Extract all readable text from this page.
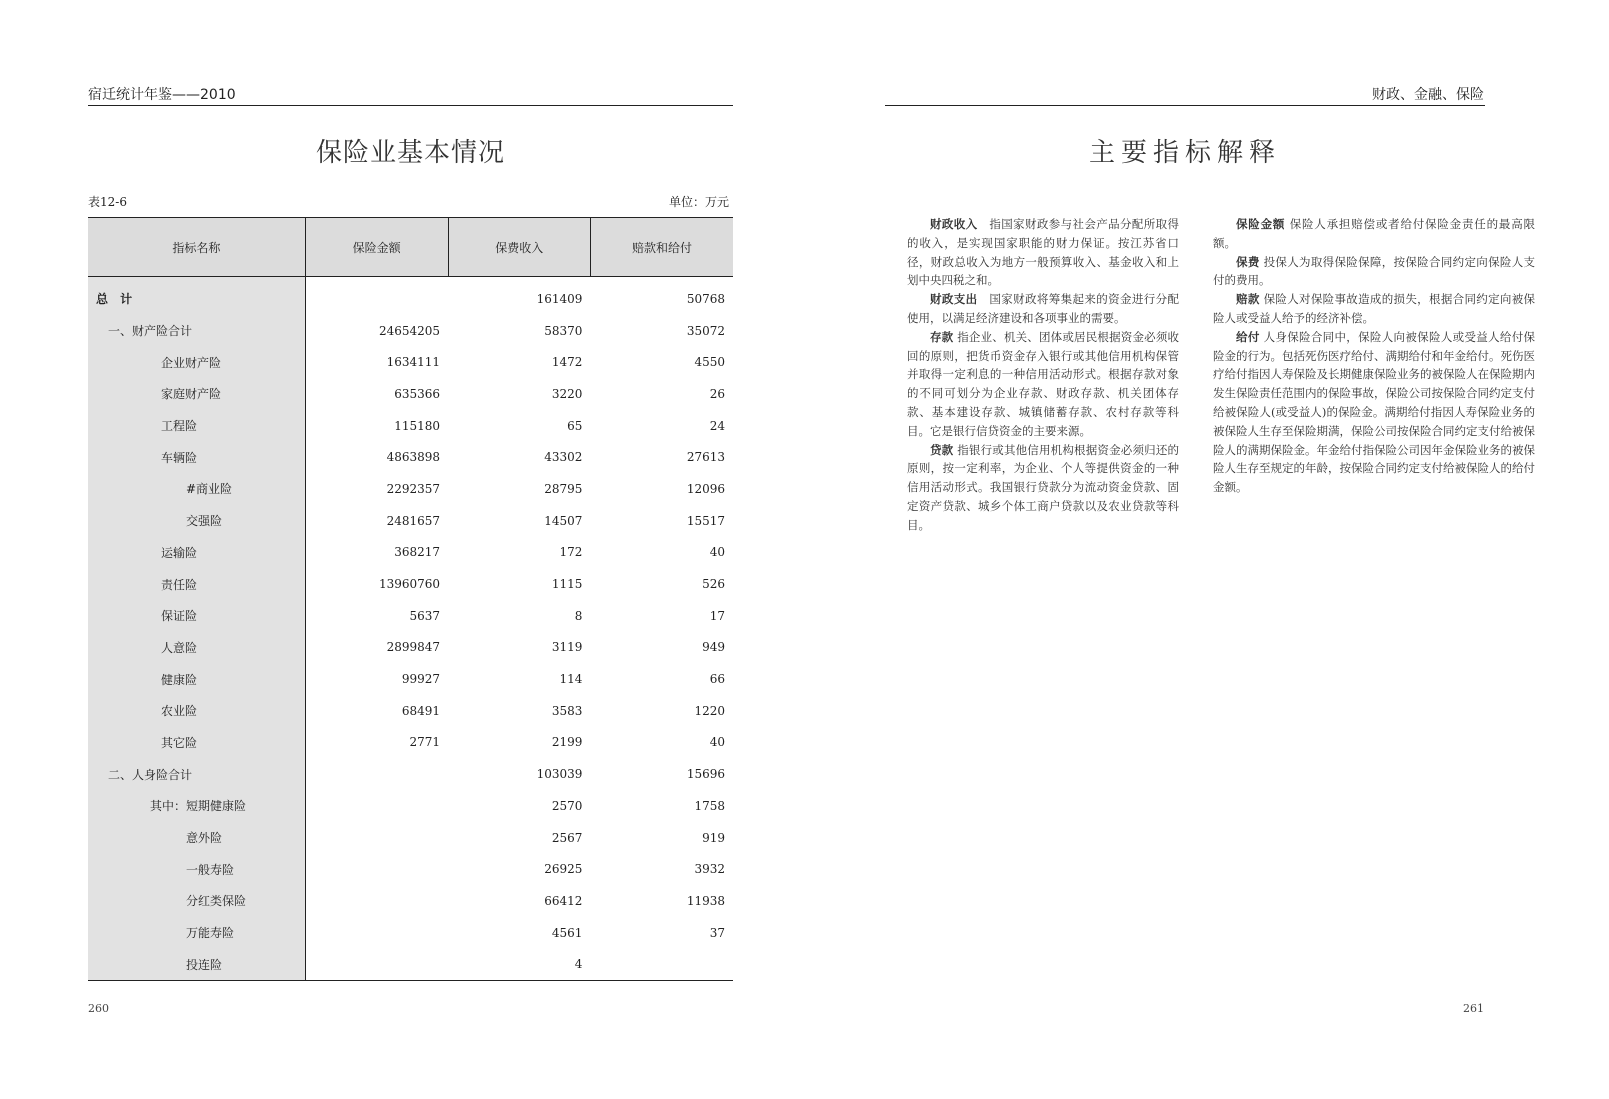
宿迁统计年鉴——2010
保险业基本情况
表12-6	单位：万元
指标名称	保险金额	保费收入	赔款和给付
总 计		161409	50768
一、财产险合计	24654205	58370	35072
企业财产险	1634111	1472	4550
家庭财产险	635366	3220	26
工程险	115180	65	24
车辆险	4863898	43302	27613
#商业险	2292357	28795	12096
交强险	2481657	14507	15517
运输险	368217	172	40
责任险	13960760	1115	526
保证险	5637	8	17
人意险	2899847	3119	949
健康险	99927	114	66
农业险	68491	3583	1220
其它险	2771	2199	40
二、人身险合计		103039	15696
其中：短期健康险		2570	1758
意外险		2567	919
一般寿险		26925	3932
分红类保险		66412	11938
万能寿险		4561	37
投连险		4	
260
财政、金融、保险
主要指标解释

财政收入　指国家财政参与社会产品分配所取得的收入，是实现国家职能的财力保证。按江苏省口径，财政总收入为地方一般预算收入、基金收入和上划中央四税之和。

财政支出　国家财政将筹集起来的资金进行分配使用，以满足经济建设和各项事业的需要。

存款 指企业、机关、团体或居民根据资金必须收回的原则，把货币资金存入银行或其他信用机构保管并取得一定利息的一种信用活动形式。根据存款对象的不同可划分为企业存款、财政存款、机关团体存款、基本建设存款、城镇储蓄存款、农村存款等科目。它是银行信贷资金的主要来源。

贷款 指银行或其他信用机构根据资金必须归还的原则，按一定利率，为企业、个人等提供资金的一种信用活动形式。我国银行贷款分为流动资金贷款、固定资产贷款、城乡个体工商户贷款以及农业贷款等科目。

保险金额 保险人承担赔偿或者给付保险金责任的最高限额。

保费 投保人为取得保险保障，按保险合同约定向保险人支付的费用。

赔款 保险人对保险事故造成的损失，根据合同约定向被保险人或受益人给予的经济补偿。

给付 人身保险合同中，保险人向被保险人或受益人给付保险金的行为。包括死伤医疗给付、满期给付和年金给付。死伤医疗给付指因人寿保险及长期健康保险业务的被保险人在保险期内发生保险责任范围内的保险事故，保险公司按保险合同约定支付给被保险人(或受益人)的保险金。满期给付指因人寿保险业务的被保险人生存至保险期满，保险公司按保险合同约定支付给被保险人的满期保险金。年金给付指保险公司因年金保险业务的被保险人生存至规定的年龄，按保险合同约定支付给被保险人的给付金额。

261
